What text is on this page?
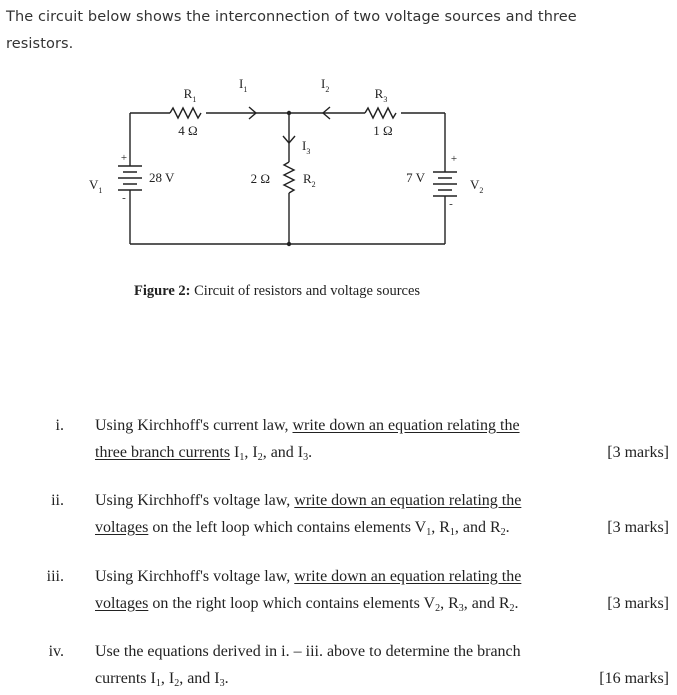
The circuit below shows the interconnection of two voltage sources and three resistors.
$R_1$
4 Ω
$R_3$
1 Ω
2 Ω	$R_2$
$I_1$	$I_2$
$I_3$
+
-
28 V
$V_1$
+
-
7 V	$V_2$
Figure 2: Circuit of resistors and voltage sources
i. Using Kirchhoff's current law, write down an equation relating the
three branch currents $I_1$, $I_2$, and $I_3$.	[3 marks]
ii. Using Kirchhoff's voltage law, write down an equation relating the
voltages on the left loop which contains elements $V_1$, $R_1$, and $R_2$.	[3 marks]
iii. Using Kirchhoff's voltage law, write down an equation relating the
voltages on the right loop which contains elements $V_2$, $R_3$, and $R_2$.	[3 marks]
iv. Use the equations derived in i. – iii. above to determine the branch
currents $I_1$, $I_2$, and $I_3$.	[16 marks]
